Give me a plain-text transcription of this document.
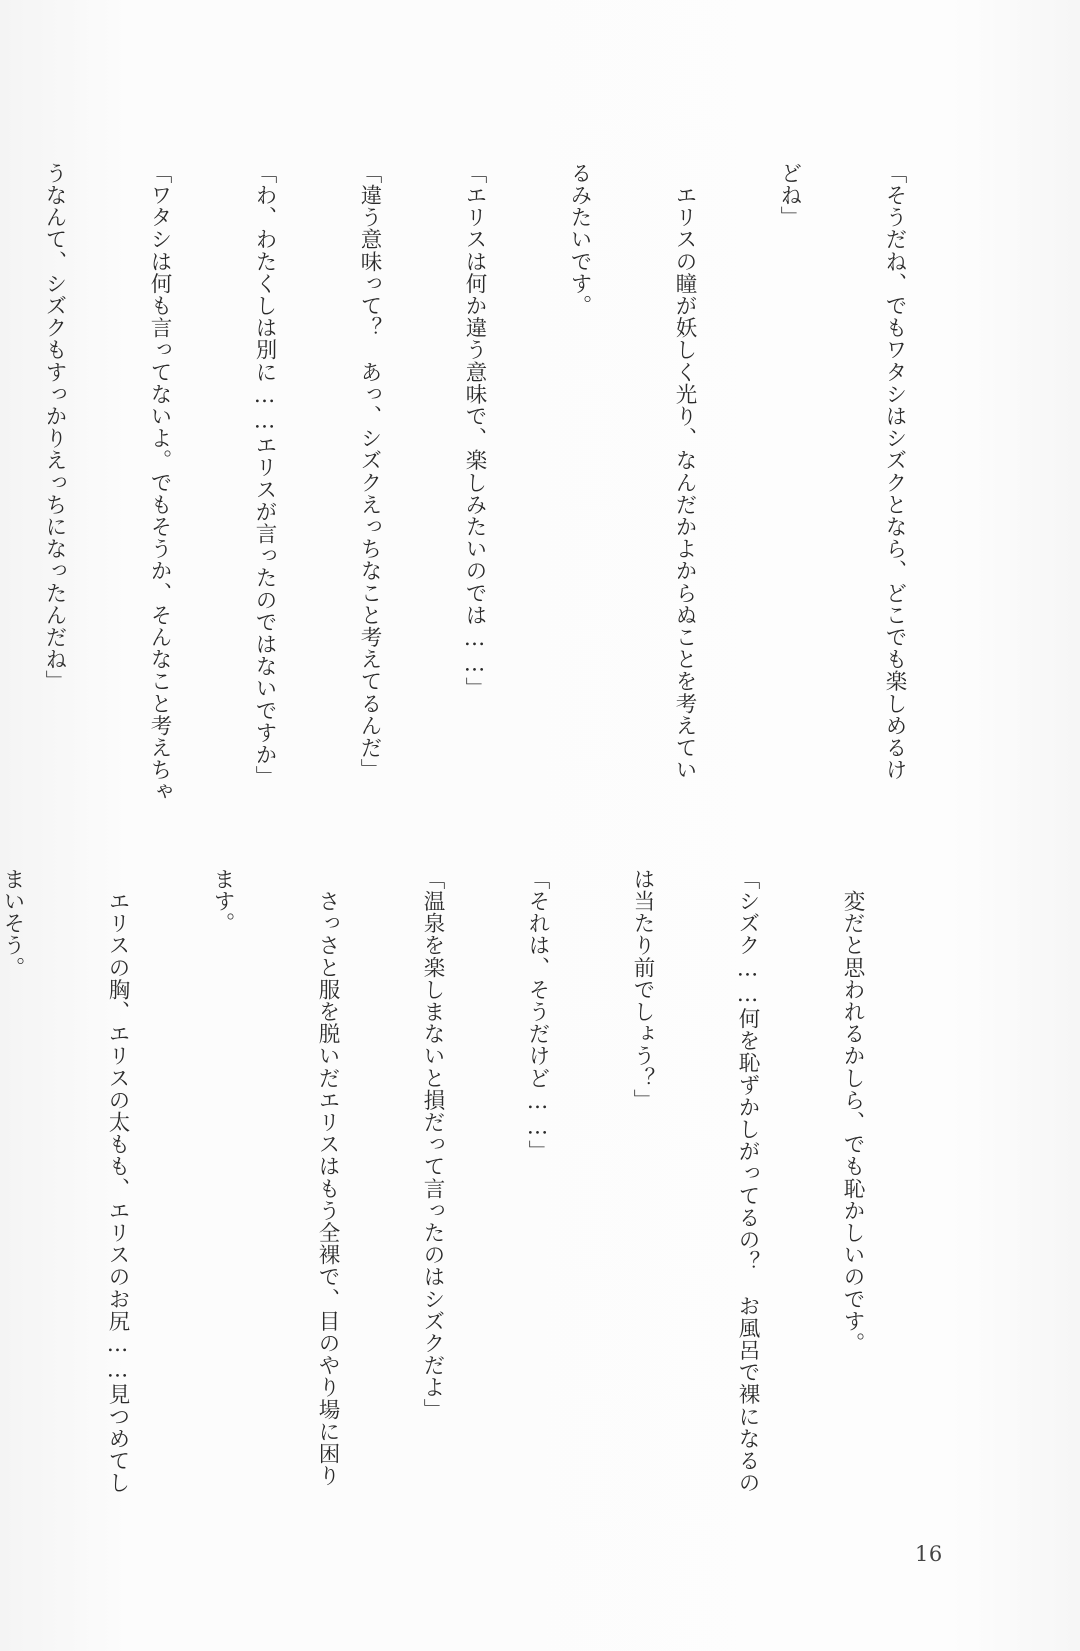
「そうだね、でもワタシはシズクとなら、どこでも楽しめるけ

どね」

　エリスの瞳が妖しく光り、なんだかよからぬことを考えてい

るみたいです。

「エリスは何か違う意味で、楽しみたいのでは……」

「違う意味って？　あっ、シズクえっちなこと考えてるんだ」

「わ、わたくしは別に……エリスが言ったのではないですか」

「ワタシは何も言ってないよ。でもそうか、そんなこと考えちゃ

うなんて、シズクもすっかりえっちになったんだね」

　変だと思われるかしら、でも恥かしいのです。

「シズク……何を恥ずかしがってるの？　お風呂で裸になるの

は当たり前でしょう？」

「それは、そうだけど……」

「温泉を楽しまないと損だって言ったのはシズクだよ」

　さっさと服を脱いだエリスはもう全裸で、目のやり場に困り

ます。

　エリスの胸、エリスの太もも、エリスのお尻……見つめてし

まいそう。

16
